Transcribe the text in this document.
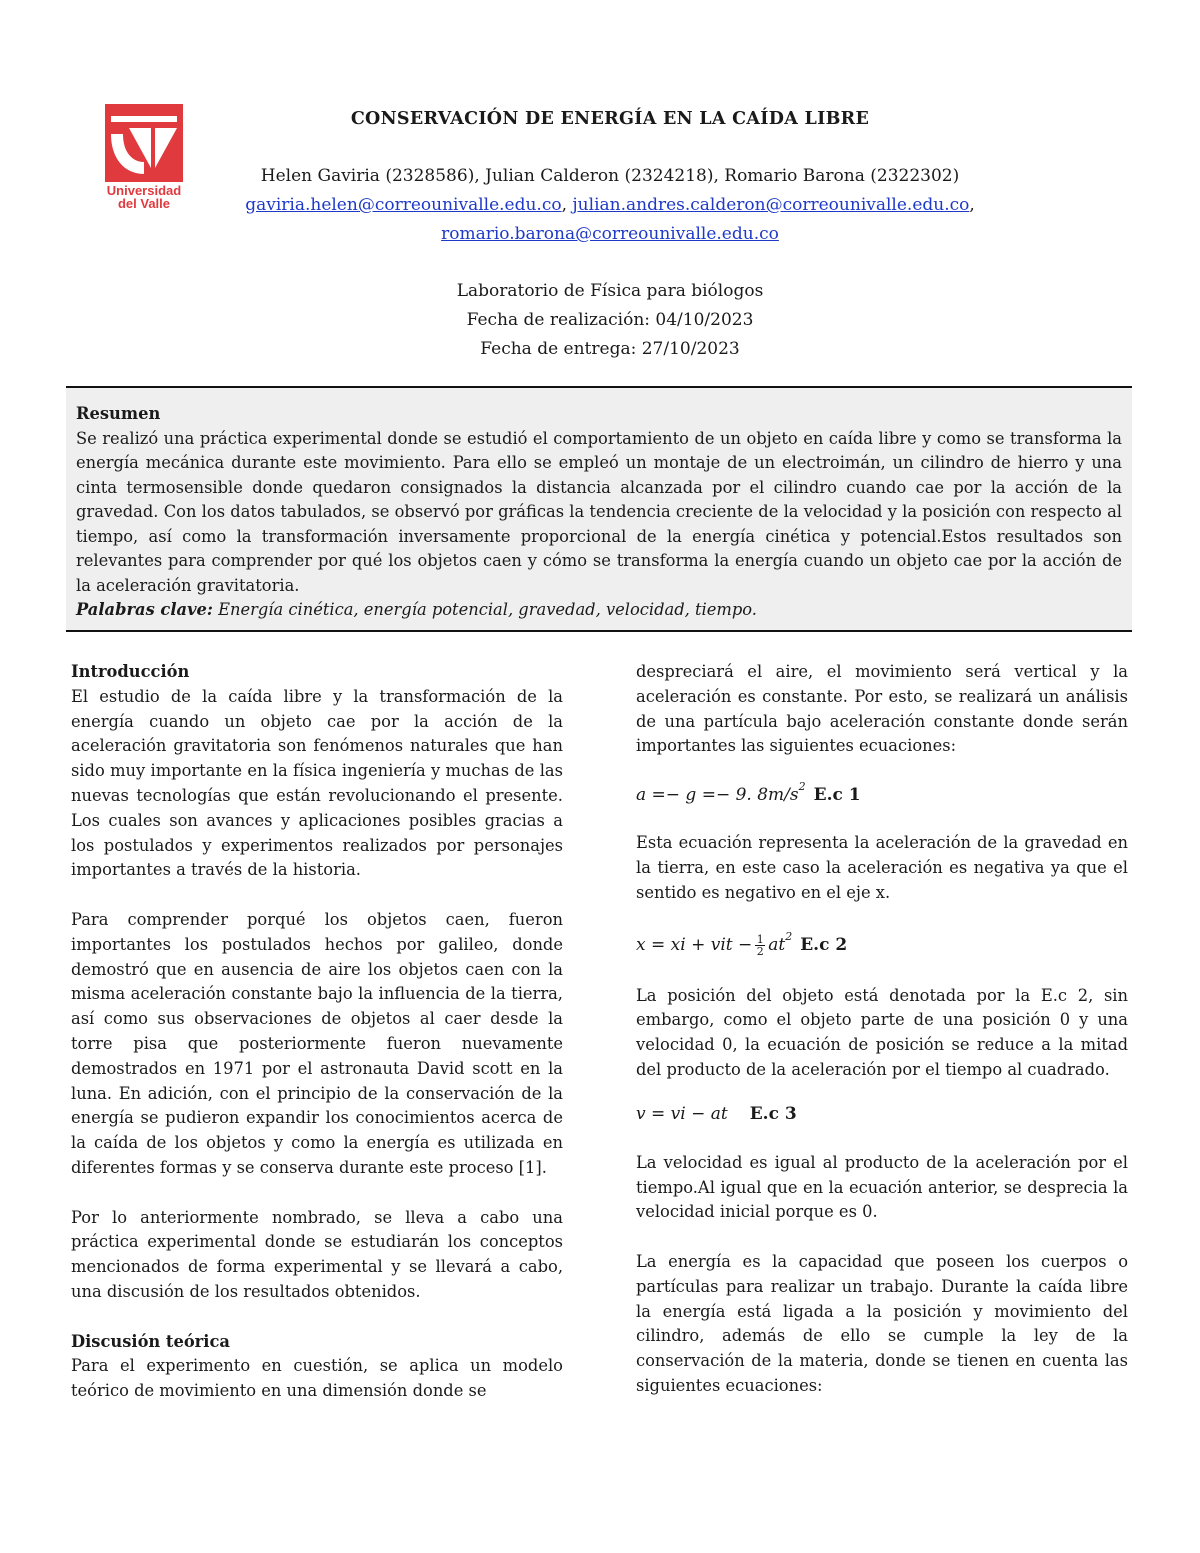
Universidad
del Valle
CONSERVACIÓN DE ENERGÍA EN LA CAÍDA LIBRE
Helen Gaviria (2328586), Julian Calderon (2324218), Romario Barona (2322302)
gaviria.helen@correounivalle.edu.co, julian.andres.calderon@correounivalle.edu.co,
romario.barona@correounivalle.edu.co
Laboratorio de Física para biólogos
Fecha de realización: 04/10/2023
Fecha de entrega: 27/10/2023
Resumen

Se realizó una práctica experimental donde se estudió el comportamiento de un objeto en caída libre y como se transforma la energía mecánica durante este movimiento. Para ello se empleó un montaje de un electroimán, un cilindro de hierro y una cinta termosensible donde quedaron consignados la distancia alcanzada por el cilindro cuando cae por la acción de la gravedad. Con los datos tabulados, se observó por gráficas la tendencia creciente de la velocidad y la posición con respecto al tiempo, así como la transformación inversamente proporcional de la energía cinética y potencial.Estos resultados son relevantes para comprender por qué los objetos caen y cómo se transforma la energía cuando un objeto cae por la acción de la aceleración gravitatoria.

Palabras clave: Energía cinética, energía potencial, gravedad, velocidad, tiempo.

Introducción

El estudio de la caída libre y la transformación de la energía cuando un objeto cae por la acción de la aceleración gravitatoria son fenómenos naturales que han sido muy importante en la física ingeniería y muchas de las nuevas tecnologías que están revolucionando el presente. Los cuales son avances y aplicaciones posibles gracias a los postulados y experimentos realizados por personajes importantes a través de la historia.

Para comprender porqué los objetos caen, fueron importantes los postulados hechos por galileo, donde demostró que en ausencia de aire los objetos caen con la misma aceleración constante bajo la influencia de la tierra, así como sus observaciones de objetos al caer desde la torre pisa que posteriormente fueron nuevamente demostrados en 1971 por el astronauta David scott en la luna. En adición, con el principio de la conservación de la energía se pudieron expandir los conocimientos acerca de la caída de los objetos y como la energía es utilizada en diferentes formas y se conserva durante este proceso [1].

Por lo anteriormente nombrado, se lleva a cabo una práctica experimental donde se estudiarán los conceptos mencionados de forma experimental y se llevará a cabo, una discusión de los resultados obtenidos.

Discusión teórica

Para el experimento en cuestión, se aplica un modelo teórico de movimiento en una dimensión donde se

despreciará el aire, el movimiento será vertical y la aceleración es constante. Por esto, se realizará un análisis de una partícula bajo aceleración constante donde serán importantes las siguientes ecuaciones:

a =− g =− 9. $8m/s^2$ E.c 1

Esta ecuación representa la aceleración de la gravedad en la tierra, en este caso la aceleración es negativa ya que el sentido es negativo en el eje x.

x = xi + vit − $\frac{1}{2} at^2$ E.c 2

La posición del objeto está denotada por la E.c 2, sin embargo, como el objeto parte de una posición 0 y una velocidad 0, la ecuación de posición se reduce a la mitad del producto de la aceleración por el tiempo al cuadrado.

v = vi − at E.c 3

La velocidad es igual al producto de la aceleración por el tiempo.Al igual que en la ecuación anterior, se desprecia la velocidad inicial porque es 0.

La energía es la capacidad que poseen los cuerpos o partículas para realizar un trabajo. Durante la caída libre la energía está ligada a la posición y movimiento del cilindro, además de ello se cumple la ley de la conservación de la materia, donde se tienen en cuenta las siguientes ecuaciones:
